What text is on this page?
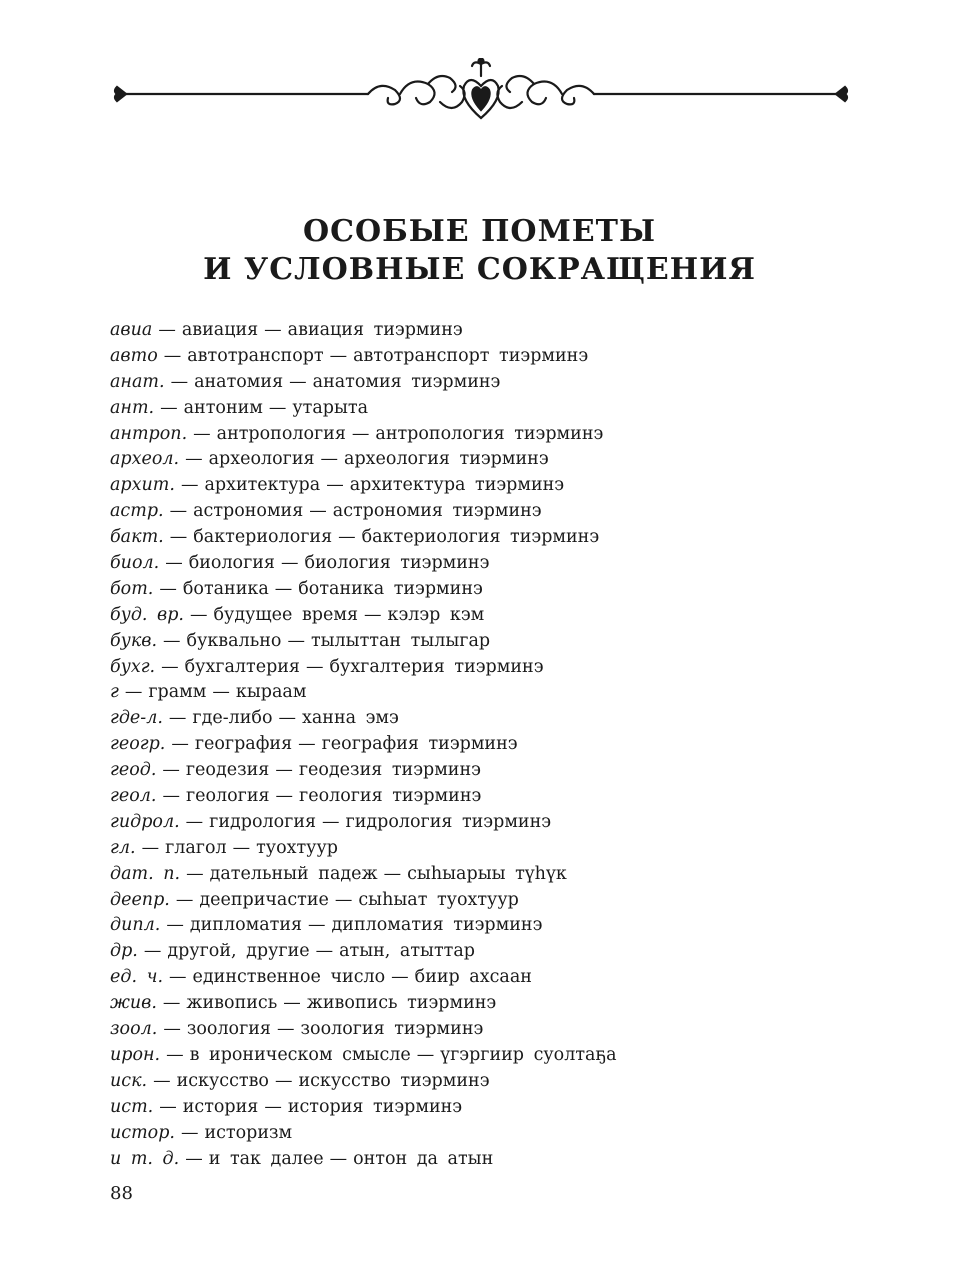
ОСОБЫЕ ПОМЕТЫ
И УСЛОВНЫЕ СОКРАЩЕНИЯ
авиа — авиация — авиация тиэрминэ
авто — автотранспорт — автотранспорт тиэрминэ
анат. — анатомия — анатомия тиэрминэ
ант. — антоним — утарыта
антроп. — антропология — антропология тиэрминэ
археол. — археология — археология тиэрминэ
архит. — архитектура — архитектура тиэрминэ
астр. — астрономия — астрономия тиэрминэ
бакт. — бактериология — бактериология тиэрминэ
биол. — биология — биология тиэрминэ
бот. — ботаника — ботаника тиэрминэ
буд. вр. — будущее время — кэлэр кэм
букв. — буквально — тылыттан тылыгар
бухг. — бухгалтерия — бухгалтерия тиэрминэ
г — грамм — кыраам
где-л. — где-либо — ханна эмэ
геогр. — география — география тиэрминэ
геод. — геодезия — геодезия тиэрминэ
геол. — геология — геология тиэрминэ
гидрол. — гидрология — гидрология тиэрминэ
гл. — глагол — туохтуур
дат. п. — дательный падеж — сыһыарыы түһүк
деепр. — деепричастие — сыһыат туохтуур
дипл. — дипломатия — дипломатия тиэрминэ
др. — другой, другие — атын, атыттар
ед. ч. — единственное число — биир ахсаан
жив. — живопись — живопись тиэрминэ
зоол. — зоология — зоология тиэрминэ
ирон. — в ироническом смысле — үгэргиир суолтаҕа
иск. — искусство — искусство тиэрминэ
ист. — история — история тиэрминэ
истор. — историзм
и т. д. — и так далее — онтон да атын
88
